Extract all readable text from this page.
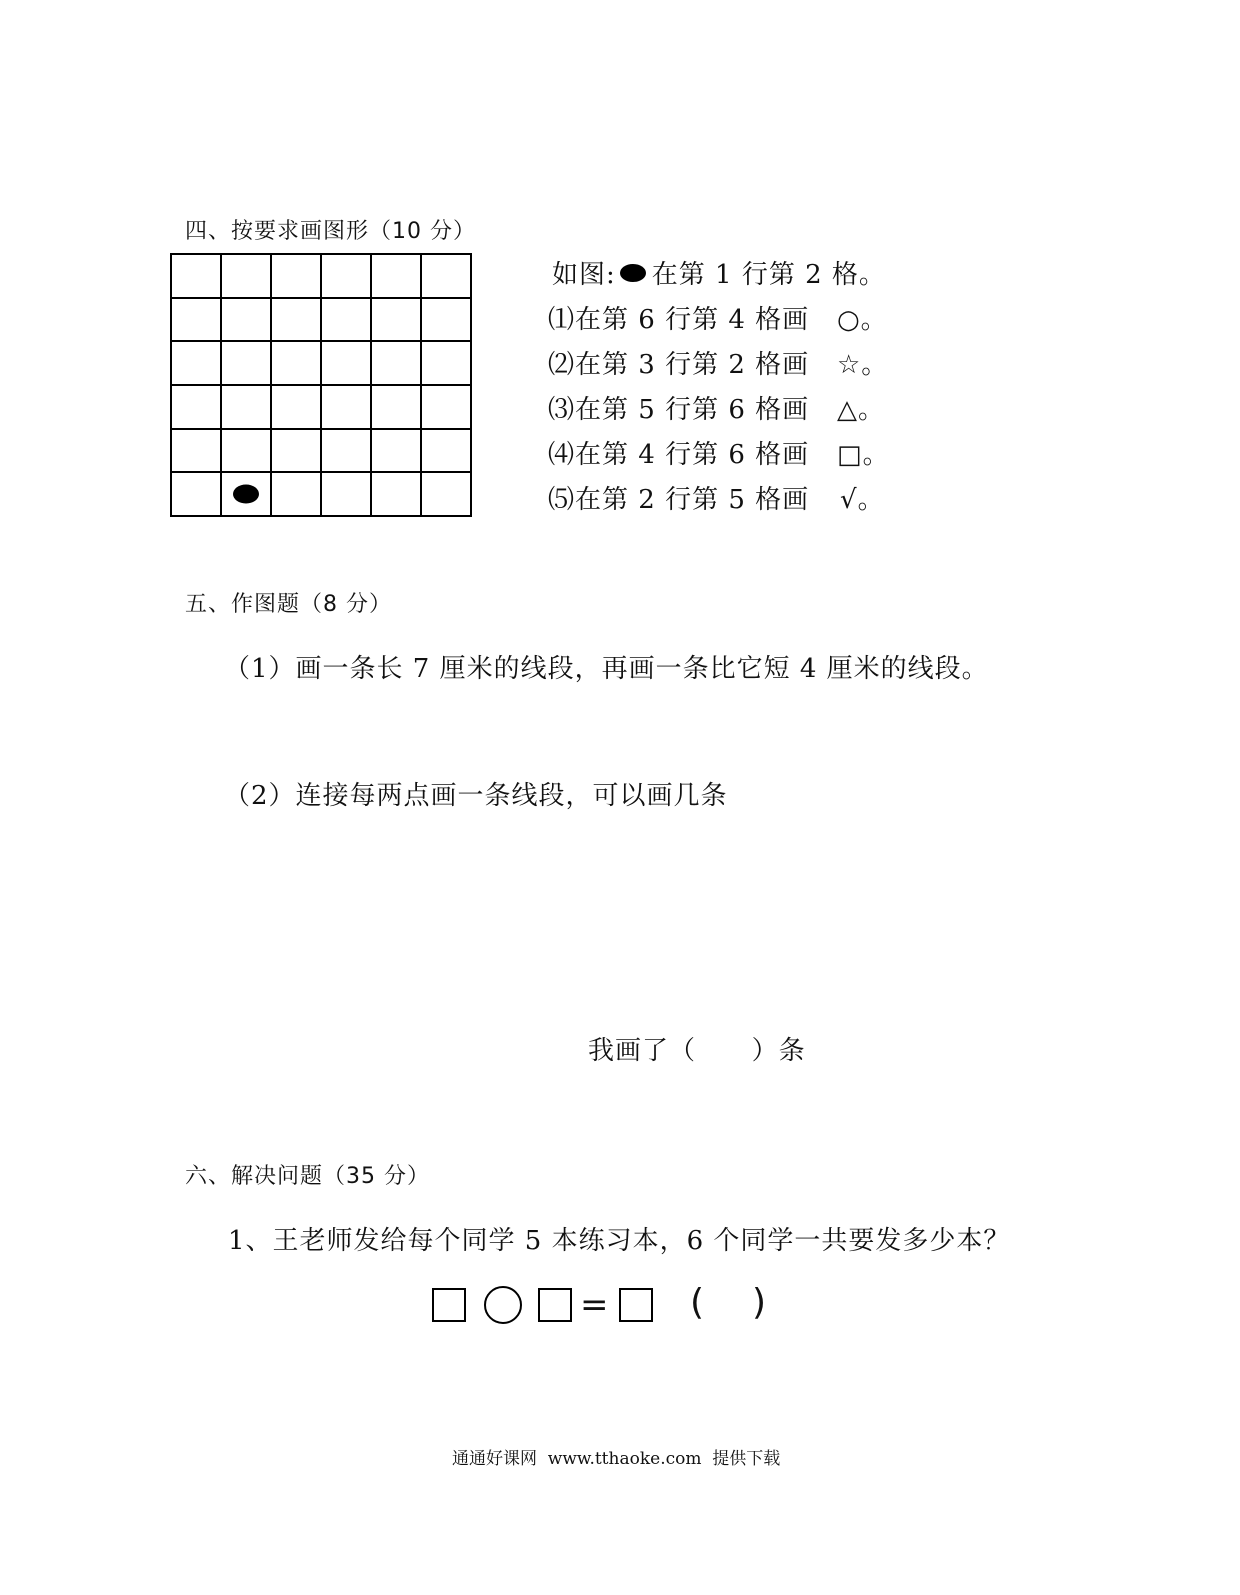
四、按要求画图形（10 分）
如图: 在第 1 行第 2 格。
⑴在第 6 行第 4 格画 ○。
⑵在第 3 行第 2 格画 ☆。
⑶在第 5 行第 6 格画 △。
⑷在第 4 行第 6 格画 □。
⑸在第 2 行第 5 格画 √。
五、作图题（8 分）
（1）画一条长 7 厘米的线段，再画一条比它短 4 厘米的线段。
（2）连接每两点画一条线段，可以画几条
我画了（      ）条
六、解决问题（35 分）
1、王老师发给每个同学 5 本练习本，6 个同学一共要发多少本？
= ( )
通通好课网  www.tthaoke.com  提供下载
